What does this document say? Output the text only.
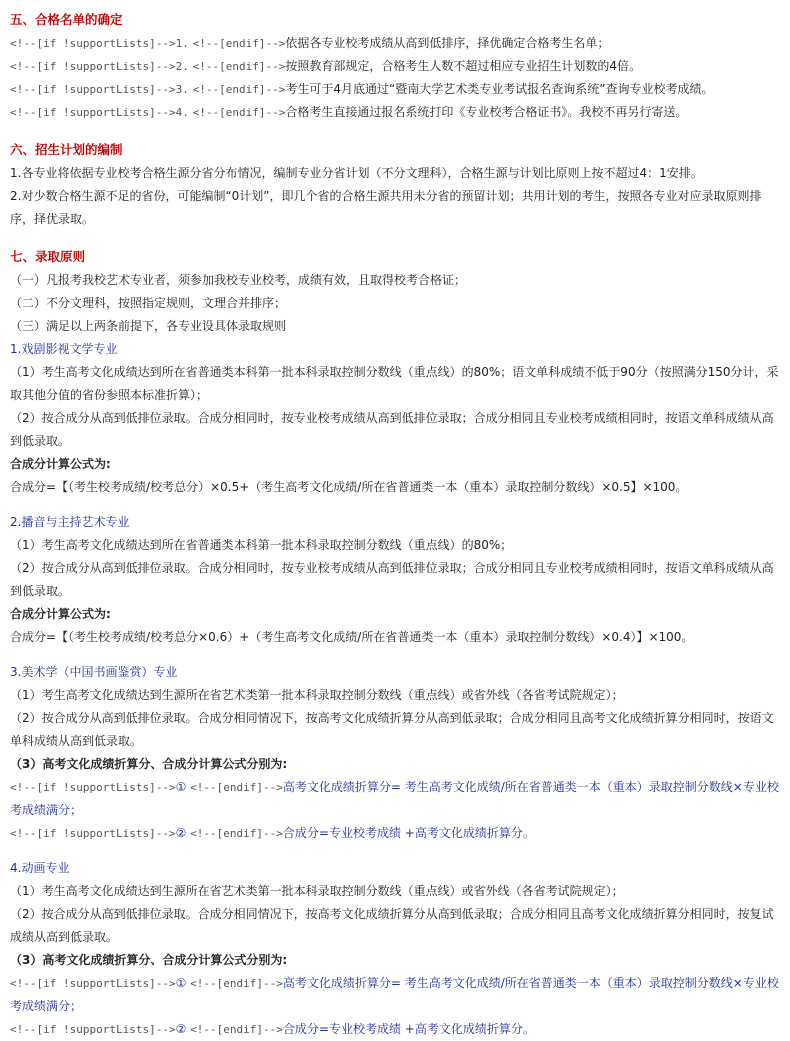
五、合格名单的确定
<!--[if !supportLists]-->1. <!--[endif]-->依据各专业校考成绩从高到低排序，择优确定合格考生名单；
<!--[if !supportLists]-->2. <!--[endif]-->按照教育部规定，合格考生人数不超过相应专业招生计划数的4倍。
<!--[if !supportLists]-->3. <!--[endif]-->考生可于4月底通过“暨南大学艺术类专业考试报名查询系统”查询专业校考成绩。
<!--[if !supportLists]-->4. <!--[endif]-->合格考生直接通过报名系统打印《专业校考合格证书》。我校不再另行寄送。
六、招生计划的编制
1.各专业将依据专业校考合格生源分省分布情况，编制专业分省计划（不分文理科），合格生源与计划比原则上按不超过4：1安排。
2.对少数合格生源不足的省份，可能编制“0计划”，即几个省的合格生源共用未分省的预留计划；共用计划的考生，按照各专业对应录取原则排序，择优录取。
七、录取原则
（一）凡报考我校艺术专业者，须参加我校专业校考，成绩有效，且取得校考合格证；
（二）不分文理科，按照指定规则，文理合并排序；
（三）满足以上两条前提下，各专业设具体录取规则
1.戏剧影视文学专业
（1）考生高考文化成绩达到所在省普通类本科第一批本科录取控制分数线（重点线）的80%；语文单科成绩不低于90分（按照满分150分计，采取其他分值的省份参照本标准折算）；
（2）按合成分从高到低排位录取。合成分相同时，按专业校考成绩从高到低排位录取；合成分相同且专业校考成绩相同时，按语文单科成绩从高到低录取。
合成分计算公式为:
合成分=【（考生校考成绩/校考总分）×0.5+（考生高考文化成绩/所在省普通类一本（重本）录取控制分数线）×0.5】×100。
2.播音与主持艺术专业
（1）考生高考文化成绩达到所在省普通类本科第一批本科录取控制分数线（重点线）的80%；
（2）按合成分从高到低排位录取。合成分相同时，按专业校考成绩从高到低排位录取；合成分相同且专业校考成绩相同时，按语文单科成绩从高到低录取。
合成分计算公式为:
合成分=【（考生校考成绩/校考总分×0.6）+（考生高考文化成绩/所在省普通类一本（重本）录取控制分数线）×0.4）】×100。
3.美术学（中国书画鉴赏）专业
（1）考生高考文化成绩达到生源所在省艺术类第一批本科录取控制分数线（重点线）或省外线（各省考试院规定）；
（2）按合成分从高到低排位录取。合成分相同情况下，按高考文化成绩折算分从高到低录取；合成分相同且高考文化成绩折算分相同时，按语文单科成绩从高到低录取。
（3）高考文化成绩折算分、合成分计算公式分别为:
<!--[if !supportLists]-->① <!--[endif]-->高考文化成绩折算分= 考生高考文化成绩/所在省普通类一本（重本）录取控制分数线×专业校考成绩满分；
<!--[if !supportLists]-->② <!--[endif]-->合成分=专业校考成绩 +高考文化成绩折算分。
4.动画专业
（1）考生高考文化成绩达到生源所在省艺术类第一批本科录取控制分数线（重点线）或省外线（各省考试院规定）；
（2）按合成分从高到低排位录取。合成分相同情况下，按高考文化成绩折算分从高到低录取；合成分相同且高考文化成绩折算分相同时，按复试成绩从高到低录取。
（3）高考文化成绩折算分、合成分计算公式分别为:
<!--[if !supportLists]-->① <!--[endif]-->高考文化成绩折算分= 考生高考文化成绩/所在省普通类一本（重本）录取控制分数线×专业校考成绩满分；
<!--[if !supportLists]-->② <!--[endif]-->合成分=专业校考成绩 +高考文化成绩折算分。
